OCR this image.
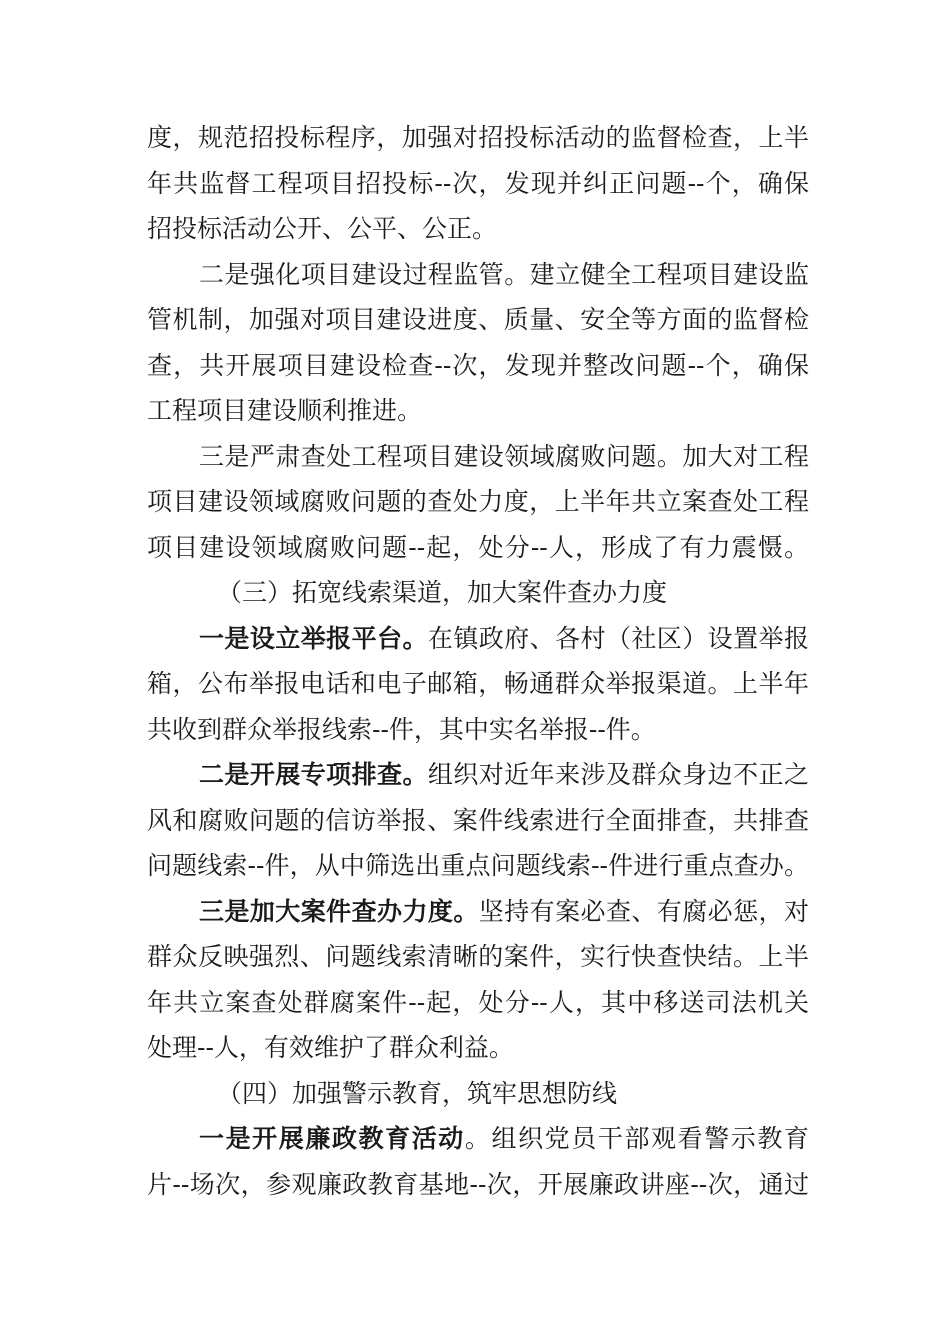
度，规范招投标程序，加强对招投标活动的监督检查，上半
年共监督工程项目招投标--次，发现并纠正问题--个，确保
招投标活动公开、公平、公正。
二是强化项目建设过程监管。建立健全工程项目建设监
管机制，加强对项目建设进度、质量、安全等方面的监督检
查，共开展项目建设检查--次，发现并整改问题--个，确保
工程项目建设顺利推进。
三是严肃查处工程项目建设领域腐败问题。加大对工程
项目建设领域腐败问题的查处力度，上半年共立案查处工程
项目建设领域腐败问题--起，处分--人，形成了有力震慑。
（三）拓宽线索渠道，加大案件查办力度
一是设立举报平台。在镇政府、各村（社区）设置举报
箱，公布举报电话和电子邮箱，畅通群众举报渠道。上半年
共收到群众举报线索--件，其中实名举报--件。
二是开展专项排查。组织对近年来涉及群众身边不正之
风和腐败问题的信访举报、案件线索进行全面排查，共排查
问题线索--件，从中筛选出重点问题线索--件进行重点查办。
三是加大案件查办力度。坚持有案必查、有腐必惩，对
群众反映强烈、问题线索清晰的案件，实行快查快结。上半
年共立案查处群腐案件--起，处分--人，其中移送司法机关
处理--人，有效维护了群众利益。
（四）加强警示教育，筑牢思想防线
一是开展廉政教育活动。组织党员干部观看警示教育
片--场次，参观廉政教育基地--次，开展廉政讲座--次，通过
